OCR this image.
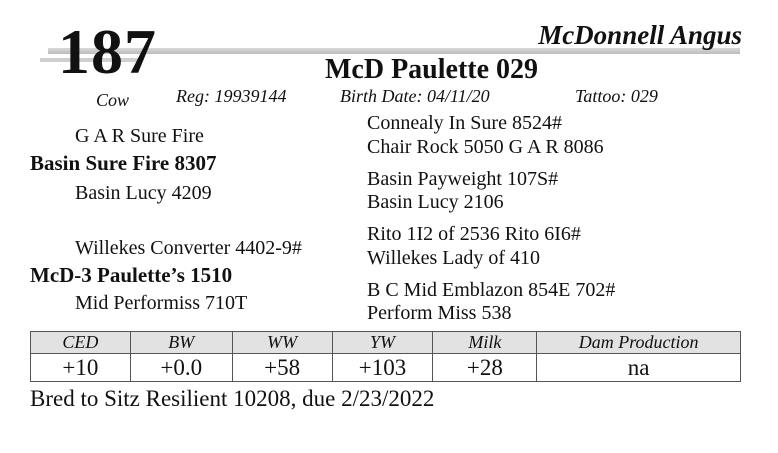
187	McDonnell Angus
McD Paulette 029
Cow	Reg: 19939144	Birth Date: 04/11/20	Tattoo: 029
G A R Sure Fire
Basin Sure Fire 8307
Basin Lucy 4209
Willekes Converter 4402-9#
McD-3 Paulette’s 1510
Mid Performiss 710T
Connealy In Sure 8524#
Chair Rock 5050 G A R 8086
Basin Payweight 107S#
Basin Lucy 2106
Rito 1I2 of 2536 Rito 6I6#
Willekes Lady of 410
B C Mid Emblazon 854E 702#
Perform Miss 538
CED	BW	WW	YW	Milk	Dam Production
+10	+0.0	+58	+103	+28	na
Bred to Sitz Resilient 10208, due 2/23/2022
